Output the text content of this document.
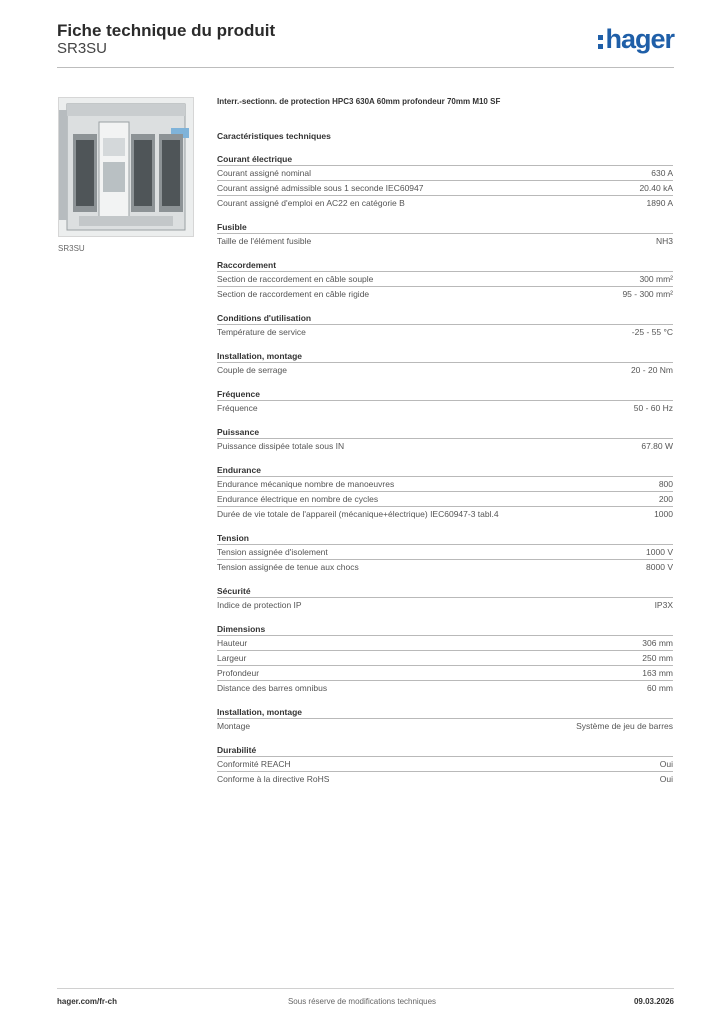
Fiche technique du produit
SR3SU	hager
SR3SU
Interr.-sectionn. de protection HPC3 630A 60mm profondeur 70mm M10 SF
Caractéristiques techniques
Courant électrique
Courant assigné nominal	630 A
Courant assigné admissible sous 1 seconde IEC60947	20.40 kA
Courant assigné d'emploi en AC22 en catégorie B	1890 A
Fusible
Taille de l'élément fusible	NH3
Raccordement
Section de raccordement en câble souple	300 mm²
Section de raccordement en câble rigide	95 - 300 mm²
Conditions d'utilisation
Température de service	-25 - 55 °C
Installation, montage
Couple de serrage	20 - 20 Nm
Fréquence
Fréquence	50 - 60 Hz
Puissance
Puissance dissipée totale sous IN	67.80 W
Endurance
Endurance mécanique nombre de manoeuvres	800
Endurance électrique en nombre de cycles	200
Durée de vie totale de l'appareil (mécanique+électrique) IEC60947-3 tabl.4	1000
Tension
Tension assignée d'isolement	1000 V
Tension assignée de tenue aux chocs	8000 V
Sécurité
Indice de protection IP	IP3X
Dimensions
Hauteur	306 mm
Largeur	250 mm
Profondeur	163 mm
Distance des barres omnibus	60 mm
Installation, montage
Montage	Système de jeu de barres
Durabilité
Conformité REACH	Oui
Conforme à la directive RoHS	Oui
hager.com/fr-ch	Sous réserve de modifications techniques	09.03.2026
